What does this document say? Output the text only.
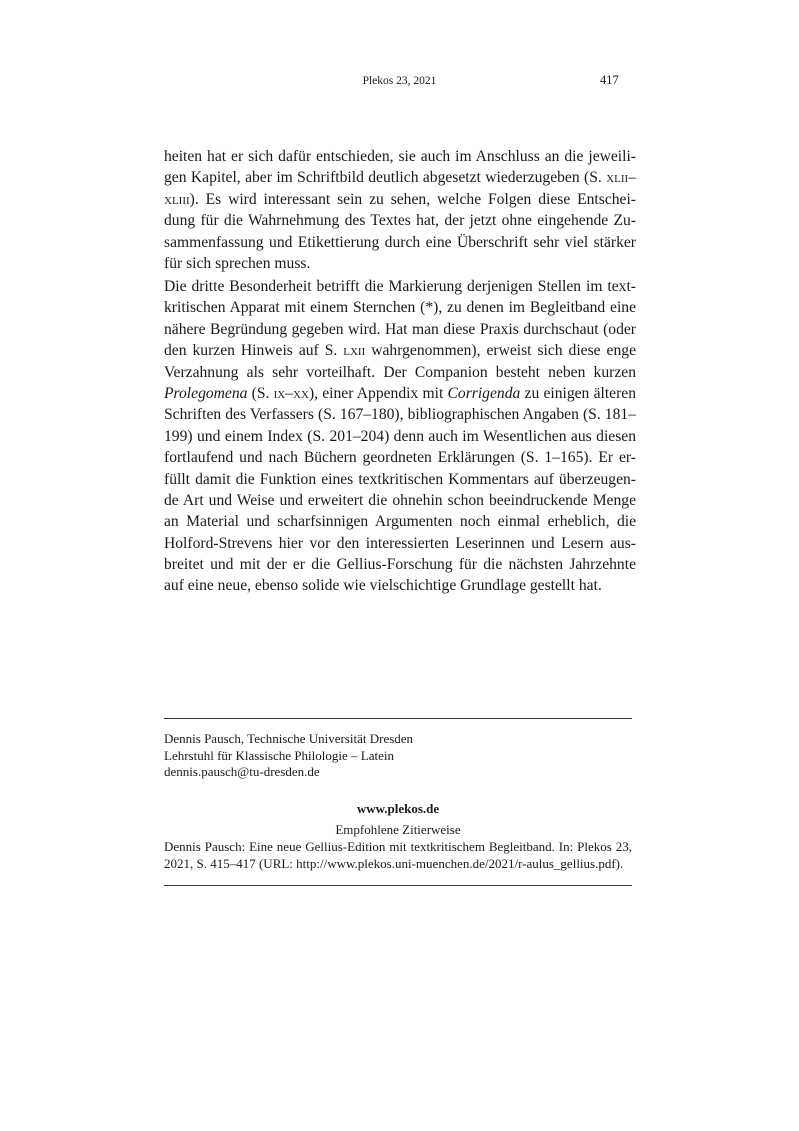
Plekos 23, 2021	417
heiten hat er sich dafür entschieden, sie auch im Anschluss an die jeweili-
gen Kapitel, aber im Schriftbild deutlich abgesetzt wiederzugeben (S. xlii–
xliii). Es wird interessant sein zu sehen, welche Folgen diese Entschei-
dung für die Wahrnehmung des Textes hat, der jetzt ohne eingehende Zu-
sammenfassung und Etikettierung durch eine Überschrift sehr viel stärker
für sich sprechen muss.
Die dritte Besonderheit betrifft die Markierung derjenigen Stellen im text-
kritischen Apparat mit einem Sternchen (*), zu denen im Begleitband eine
nähere Begründung gegeben wird. Hat man diese Praxis durchschaut (oder
den kurzen Hinweis auf S. lxii wahrgenommen), erweist sich diese enge
Verzahnung als sehr vorteilhaft. Der Companion besteht neben kurzen
Prolegomena (S. ix–xx), einer Appendix mit Corrigenda zu einigen älteren
Schriften des Verfassers (S. 167–180), bibliographischen Angaben (S. 181–
199) und einem Index (S. 201–204) denn auch im Wesentlichen aus diesen
fortlaufend und nach Büchern geordneten Erklärungen (S. 1–165). Er er-
füllt damit die Funktion eines textkritischen Kommentars auf überzeugen-
de Art und Weise und erweitert die ohnehin schon beeindruckende Menge
an Material und scharfsinnigen Argumenten noch einmal erheblich, die
Holford-Strevens hier vor den interessierten Leserinnen und Lesern aus-
breitet und mit der er die Gellius-Forschung für die nächsten Jahrzehnte
auf eine neue, ebenso solide wie vielschichtige Grundlage gestellt hat.
Dennis Pausch, Technische Universität Dresden
Lehrstuhl für Klassische Philologie – Latein
dennis.pausch@tu-dresden.de
www.plekos.de
Empfohlene Zitierweise
Dennis Pausch: Eine neue Gellius-Edition mit textkritischem Begleitband. In: Plekos 23,
2021, S. 415–417 (URL: http://www.plekos.uni-muenchen.de/2021/r-aulus_gellius.pdf).
